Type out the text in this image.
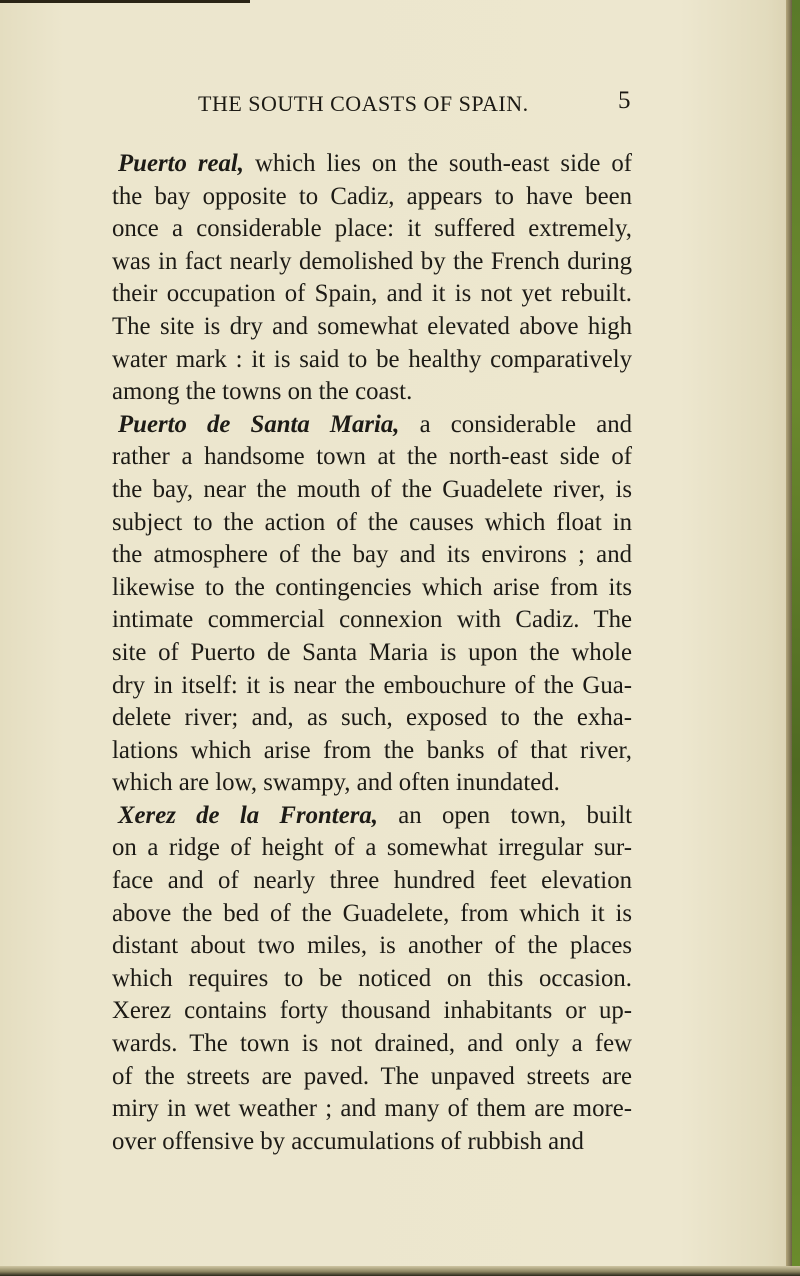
THE SOUTH COASTS OF SPAIN.	5
Puerto real, which lies on the south-east side of
the bay opposite to Cadiz, appears to have been
once a considerable place: it suffered extremely,
was in fact nearly demolished by the French during
their occupation of Spain, and it is not yet rebuilt.
The site is dry and somewhat elevated above high
water mark : it is said to be healthy comparatively
among the towns on the coast.
Puerto de Santa Maria, a considerable and
rather a handsome town at the north-east side of
the bay, near the mouth of the Guadelete river, is
subject to the action of the causes which float in
the atmosphere of the bay and its environs ; and
likewise to the contingencies which arise from its
intimate commercial connexion with Cadiz. The
site of Puerto de Santa Maria is upon the whole
dry in itself: it is near the embouchure of the Gua-
delete river; and, as such, exposed to the exha-
lations which arise from the banks of that river,
which are low, swampy, and often inundated.
Xerez de la Frontera, an open town, built
on a ridge of height of a somewhat irregular sur-
face and of nearly three hundred feet elevation
above the bed of the Guadelete, from which it is
distant about two miles, is another of the places
which requires to be noticed on this occasion.
Xerez contains forty thousand inhabitants or up-
wards. The town is not drained, and only a few
of the streets are paved. The unpaved streets are
miry in wet weather ; and many of them are more-
over offensive by accumulations of rubbish and
